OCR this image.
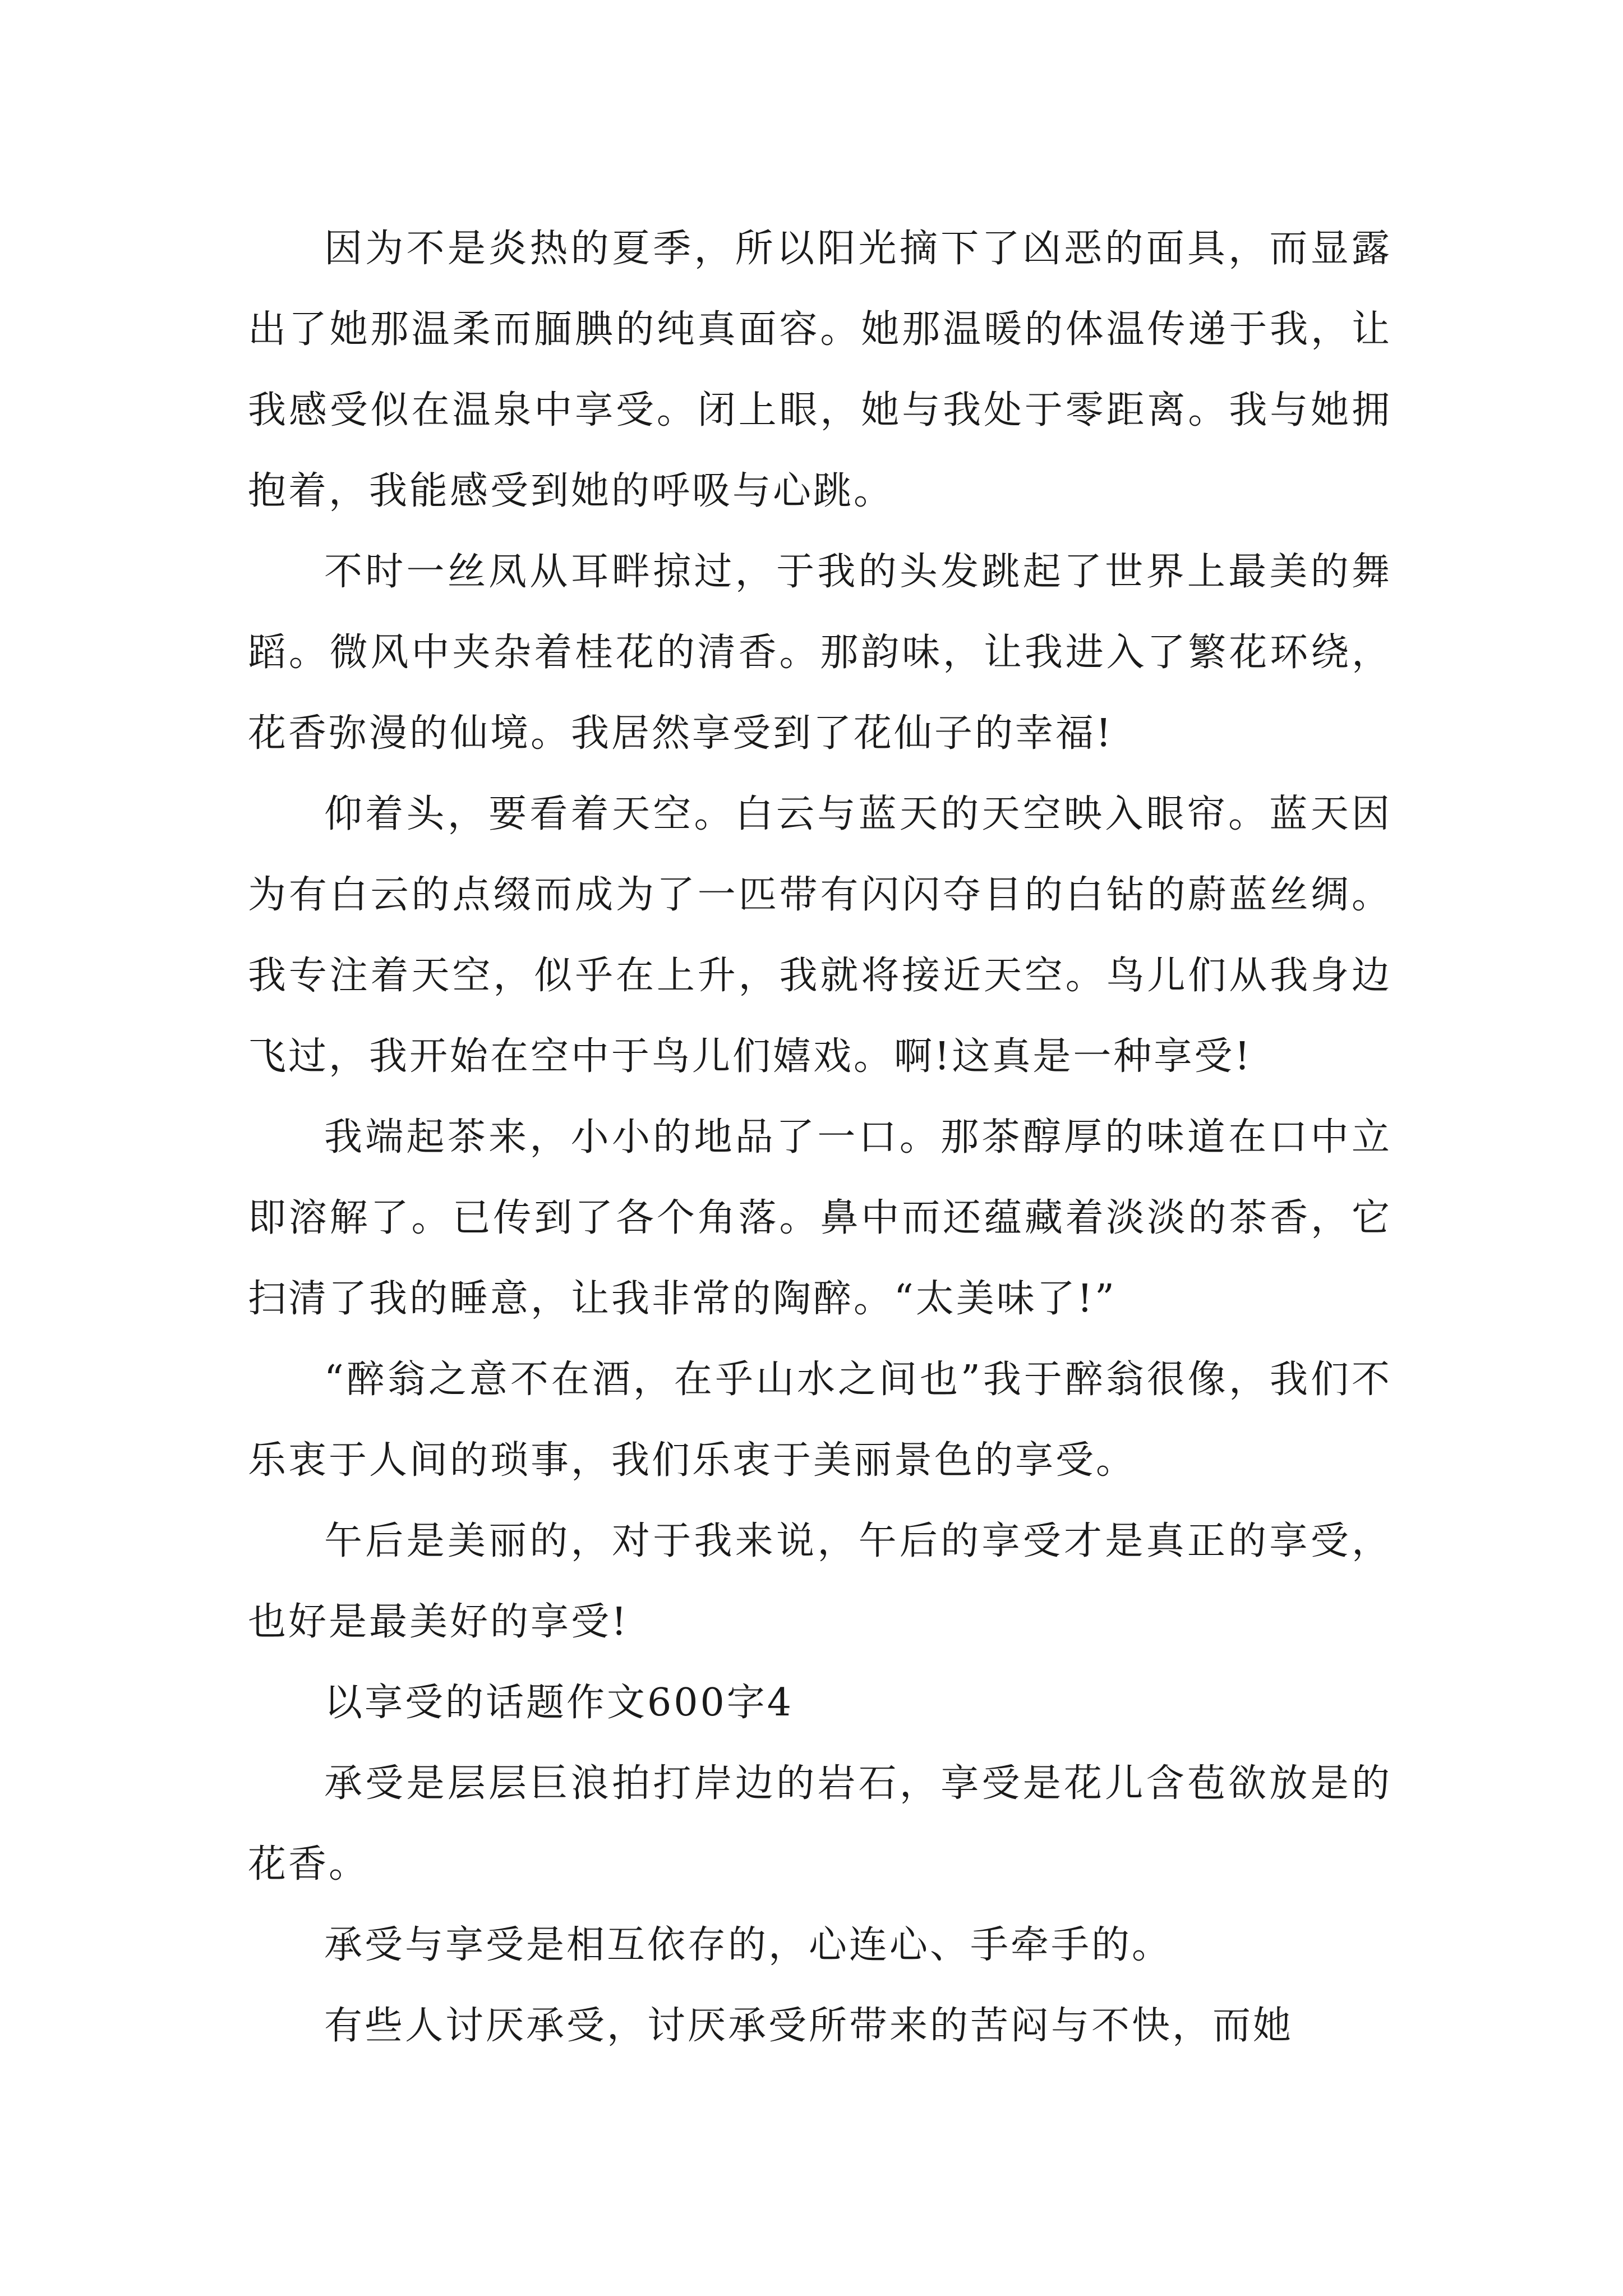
因为不是炎热的夏季，所以阳光摘下了凶恶的面具，而显露出了她那温柔而腼腆的纯真面容。她那温暖的体温传递于我，让我感受似在温泉中享受。闭上眼，她与我处于零距离。我与她拥抱着，我能感受到她的呼吸与心跳。

不时一丝凤从耳畔掠过，于我的头发跳起了世界上最美的舞蹈。微风中夹杂着桂花的清香。那韵味，让我进入了繁花环绕，花香弥漫的仙境。我居然享受到了花仙子的幸福!

仰着头，要看着天空。白云与蓝天的天空映入眼帘。蓝天因为有白云的点缀而成为了一匹带有闪闪夺目的白钻的蔚蓝丝绸。我专注着天空，似乎在上升，我就将接近天空。鸟儿们从我身边飞过，我开始在空中于鸟儿们嬉戏。啊!这真是一种享受!

我端起茶来，小小的地品了一口。那茶醇厚的味道在口中立即溶解了。已传到了各个角落。鼻中而还蕴藏着淡淡的茶香，它扫清了我的睡意，让我非常的陶醉。“太美味了!”

“醉翁之意不在酒，在乎山水之间也”我于醉翁很像，我们不乐衷于人间的琐事，我们乐衷于美丽景色的享受。

午后是美丽的，对于我来说，午后的享受才是真正的享受，也好是最美好的享受!

以享受的话题作文600字4

承受是层层巨浪拍打岸边的岩石，享受是花儿含苞欲放是的花香。

承受与享受是相互依存的，心连心、手牵手的。

有些人讨厌承受，讨厌承受所带来的苦闷与不快，而她
